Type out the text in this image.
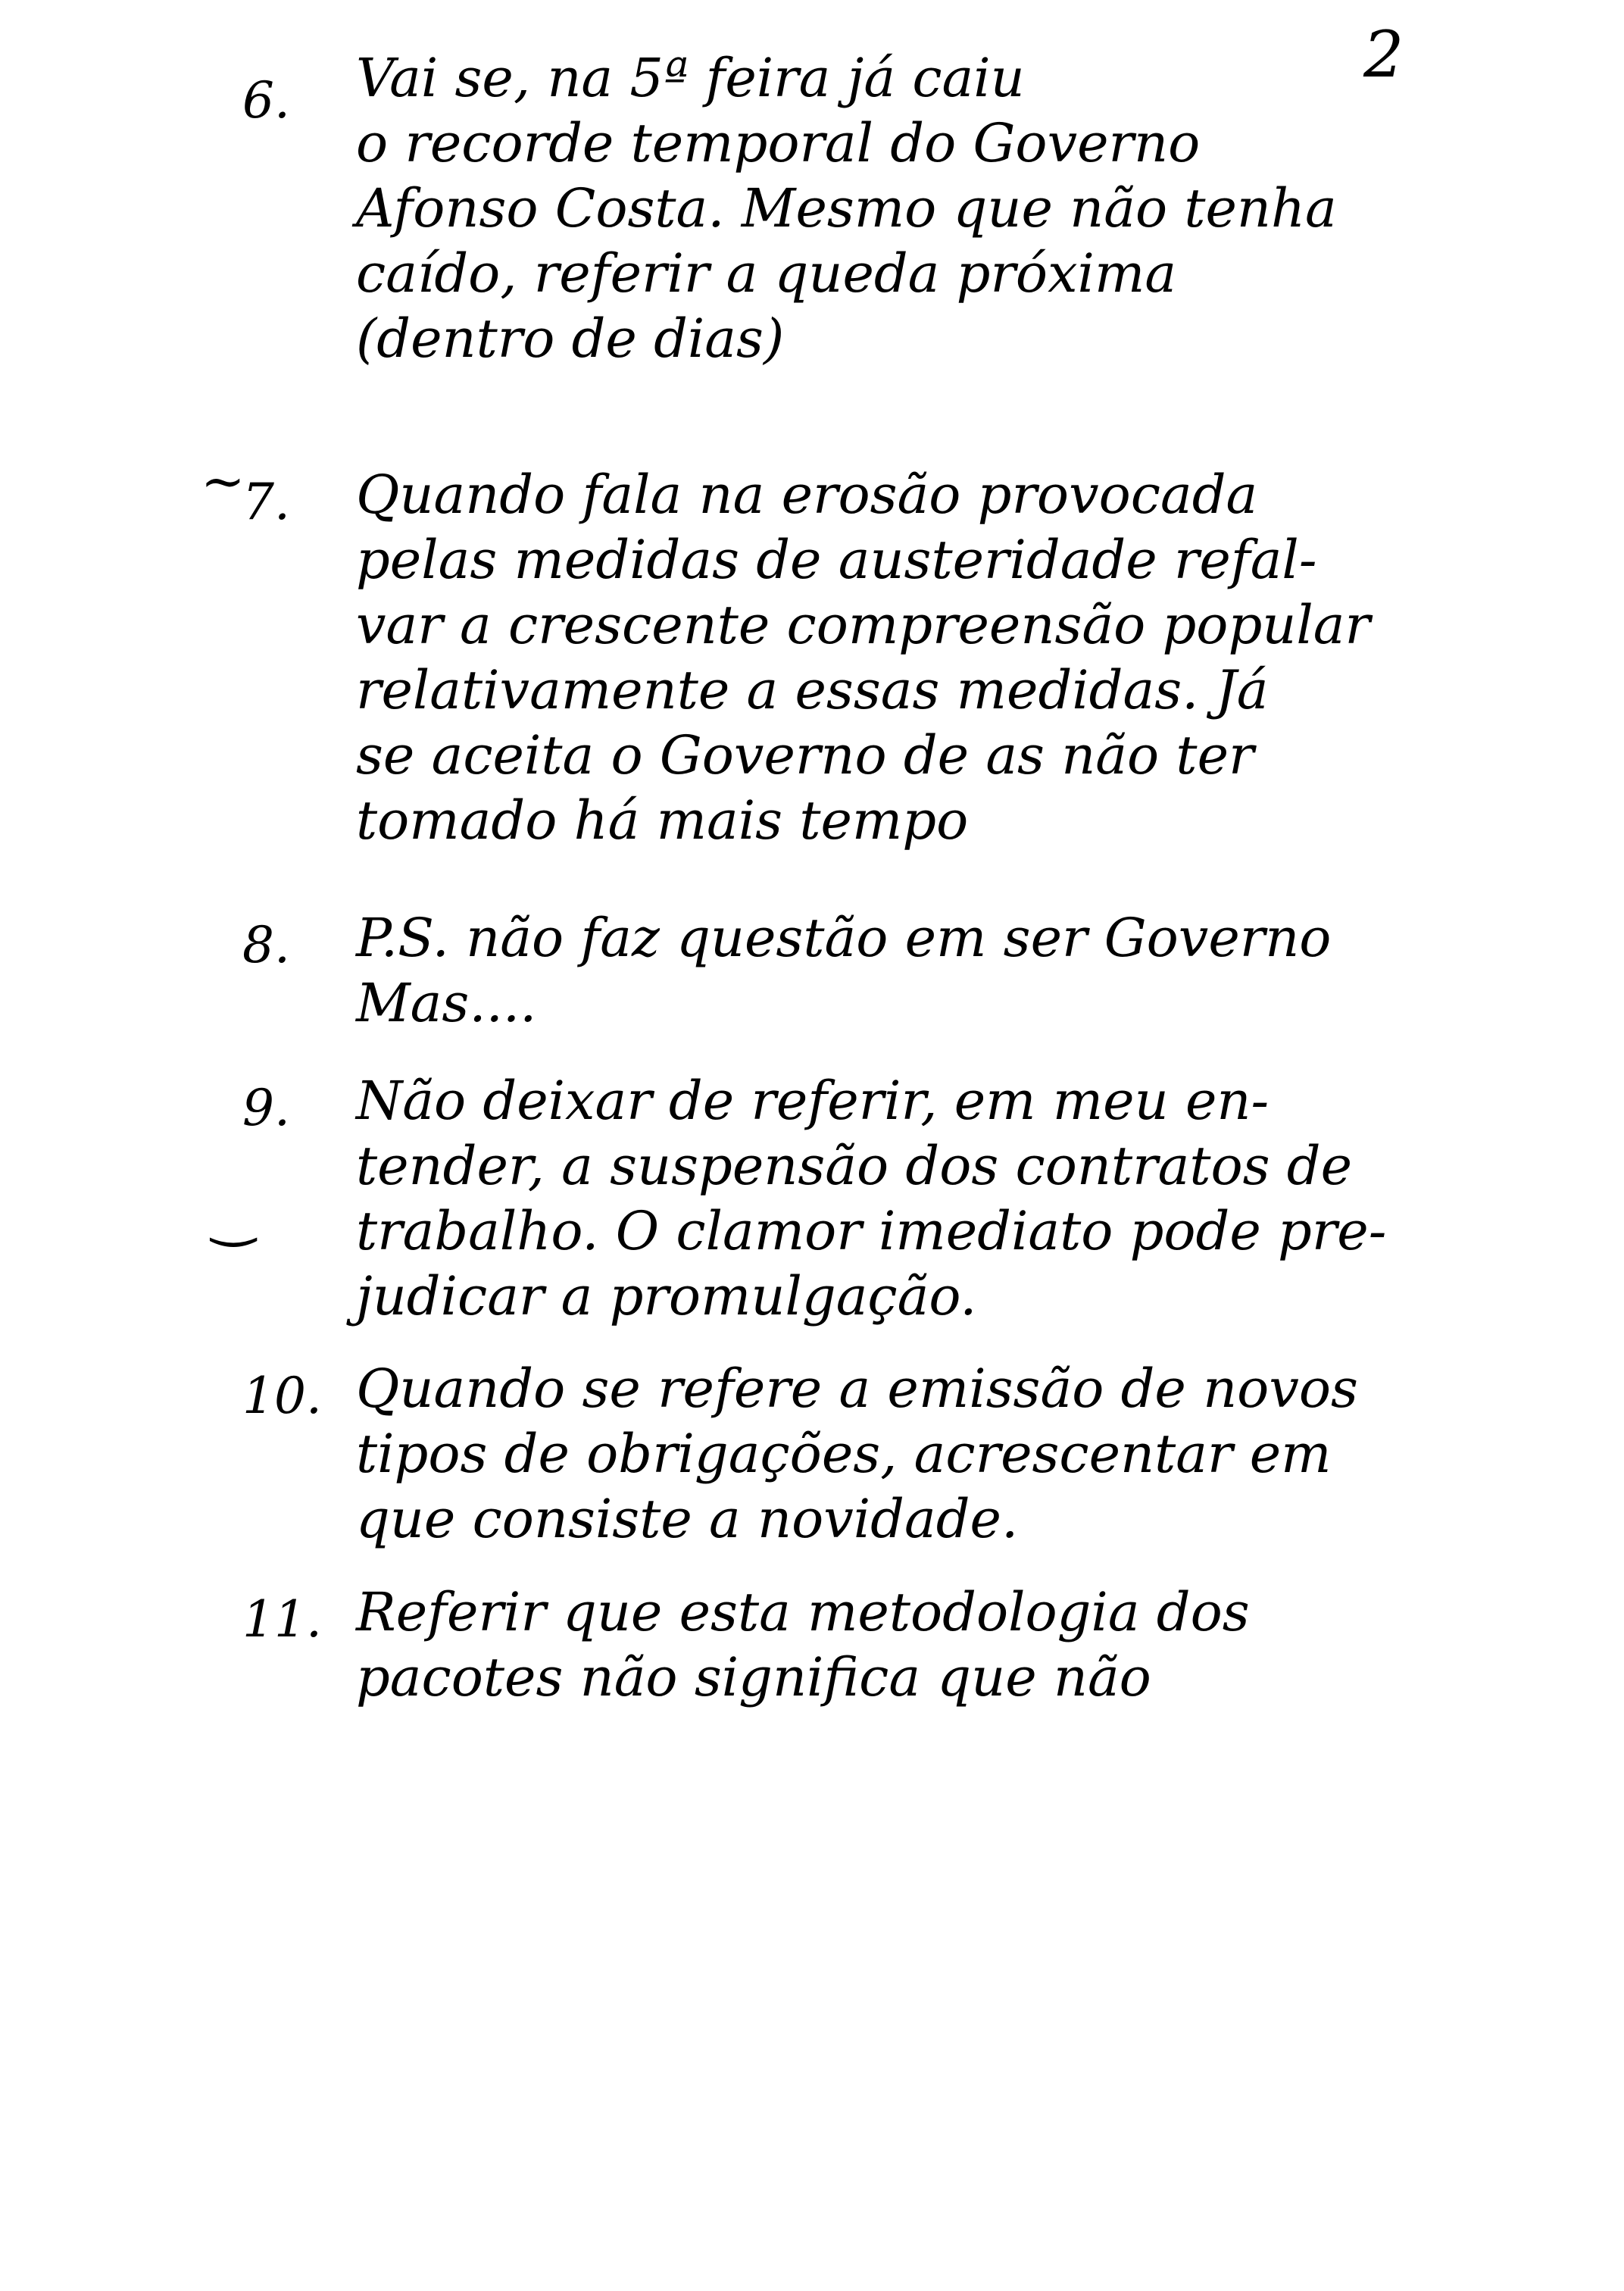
2
6.	Vai se, na 5ª feira já caiu
o recorde temporal do Governo
Afonso Costa. Mesmo que não tenha
caído, referir a queda próxima
(dentro de dias)
~
7.	Quando fala na erosão provocada
pelas medidas de austeridade refal-
var a crescente compreensão popular
relativamente a essas medidas. Já
se aceita o Governo de as não ter
tomado há mais tempo
8.	P.S. não faz questão em ser Governo
Mas....
‿
9.	Não deixar de referir, em meu en-
tender, a suspensão dos contratos de
trabalho. O clamor imediato pode pre-
judicar a promulgação.
10. Quando se refere a emissão de novos
tipos de obrigações, acrescentar em
que consiste a novidade.
11. Referir que esta metodologia dos
pacotes não significa que não
